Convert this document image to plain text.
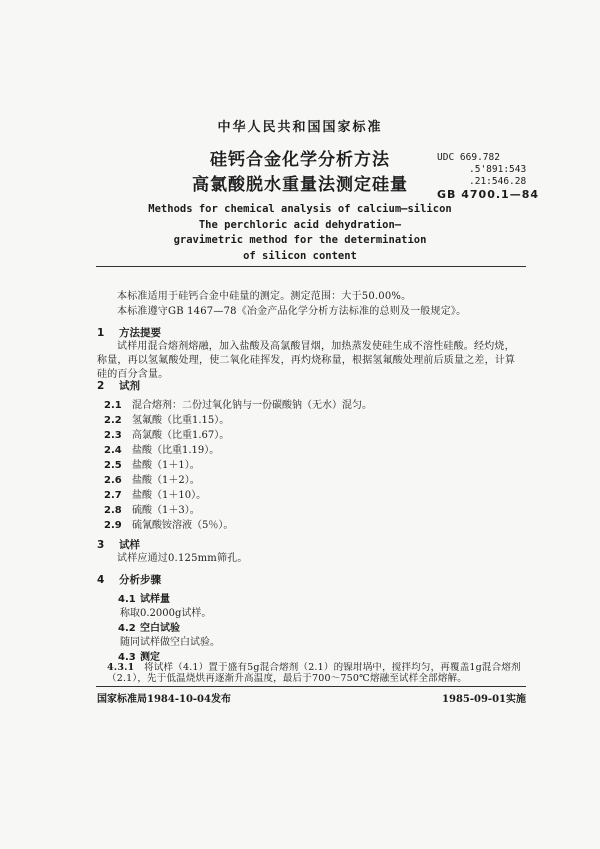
中华人民共和国国家标准
硅钙合金化学分析方法
高氯酸脱水重量法测定硅量
UDC 669.782
.5'891:543
.21:546.28
GB 4700.1—84
Methods for chemical analysis of calcium–silicon
The perchloric acid dehydration–
gravimetric method for the determination
of silicon content
本标准适用于硅钙合金中硅量的测定。测定范围：大于50.00%。
本标准遵守GB 1467—78《冶金产品化学分析方法标准的总则及一般规定》。
1 方法提要
试样用混合熔剂熔融，加入盐酸及高氯酸冒烟，加热蒸发使硅生成不溶性硅酸。经灼烧，称量，再以氢氟酸处理，使二氧化硅挥发，再灼烧称量，根据氢氟酸处理前后质量之差，计算硅的百分含量。
2 试剂
2.1 混合熔剂：二份过氧化钠与一份碳酸钠（无水）混匀。
2.2 氢氟酸（比重1.15）。
2.3 高氯酸（比重1.67）。
2.4 盐酸（比重1.19）。
2.5 盐酸（1＋1）。
2.6 盐酸（1＋2）。
2.7 盐酸（1＋10）。
2.8 硫酸（1＋3）。
2.9 硫氰酸铵溶液（5％）。
3 试样
试样应通过0.125mm筛孔。
4 分析步骤
4.1 试样量
称取0.2000g试样。
4.2 空白试验
随同试样做空白试验。
4.3 测定
4.3.1　 将试样（4.1）置于盛有5g混合熔剂（2.1）的镍坩埚中，搅拌均匀，再覆盖1g混合熔剂（2.1），先于低温烧烘再逐渐升高温度，最后于700～750℃熔融至试样全部熔解。
国家标准局1984-10-04发布	1985-09-01实施
